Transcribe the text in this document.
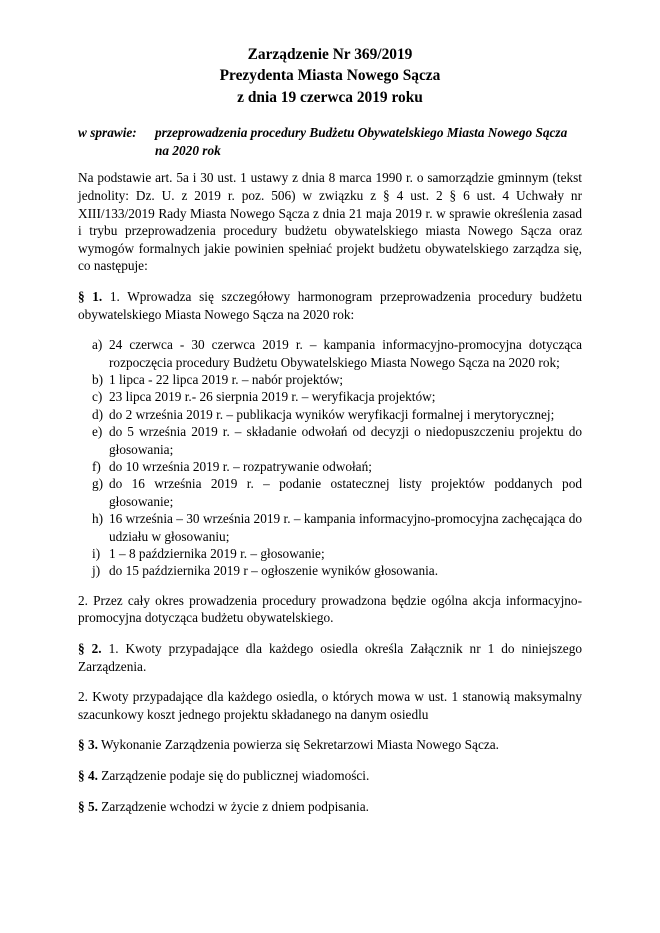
Zarządzenie Nr 369/2019
Prezydenta Miasta Nowego Sącza
z dnia 19 czerwca 2019 roku
w sprawie:	przeprowadzenia procedury Budżetu Obywatelskiego Miasta Nowego Sącza na 2020 rok

Na podstawie art. 5a i 30 ust. 1 ustawy z dnia 8 marca 1990 r. o samorządzie gminnym (tekst jednolity: Dz. U. z 2019 r. poz. 506) w związku z § 4 ust. 2 § 6 ust. 4 Uchwały nr XIII/133/2019 Rady Miasta Nowego Sącza z dnia 21 maja 2019 r. w sprawie określenia zasad i trybu przeprowadzenia procedury budżetu obywatelskiego miasta Nowego Sącza oraz wymogów formalnych jakie powinien spełniać projekt budżetu obywatelskiego zarządza się, co następuje:

§ 1. 1. Wprowadza się szczegółowy harmonogram przeprowadzenia procedury budżetu obywatelskiego Miasta Nowego Sącza na 2020 rok:

a) 24 czerwca - 30 czerwca 2019 r. – kampania informacyjno-promocyjna dotycząca rozpoczęcia procedury Budżetu Obywatelskiego Miasta Nowego Sącza na 2020 rok;
b) 1 lipca - 22 lipca 2019 r. – nabór projektów;
c) 23 lipca 2019 r.- 26 sierpnia 2019 r. – weryfikacja projektów;
d) do 2 września 2019 r. – publikacja wyników weryfikacji formalnej i merytorycznej;
e) do 5 września 2019 r. – składanie odwołań od decyzji o niedopuszczeniu projektu do głosowania;
f) do 10 września 2019 r. – rozpatrywanie odwołań;
g) do 16 września 2019 r. – podanie ostatecznej listy projektów poddanych pod głosowanie;
h) 16 września – 30 września 2019 r. – kampania informacyjno-promocyjna zachęcająca do udziału w głosowaniu;
i) 1 – 8 października 2019 r. – głosowanie;
j) do 15 października 2019 r – ogłoszenie wyników głosowania.

2. Przez cały okres prowadzenia procedury prowadzona będzie ogólna akcja informacyjno-promocyjna dotycząca budżetu obywatelskiego.

§ 2. 1. Kwoty przypadające dla każdego osiedla określa Załącznik nr 1 do niniejszego Zarządzenia.

2. Kwoty przypadające dla każdego osiedla, o których mowa w ust. 1 stanowią maksymalny szacunkowy koszt jednego projektu składanego na danym osiedlu

§ 3. Wykonanie Zarządzenia powierza się Sekretarzowi Miasta Nowego Sącza.

§ 4. Zarządzenie podaje się do publicznej wiadomości.

§ 5. Zarządzenie wchodzi w życie z dniem podpisania.
